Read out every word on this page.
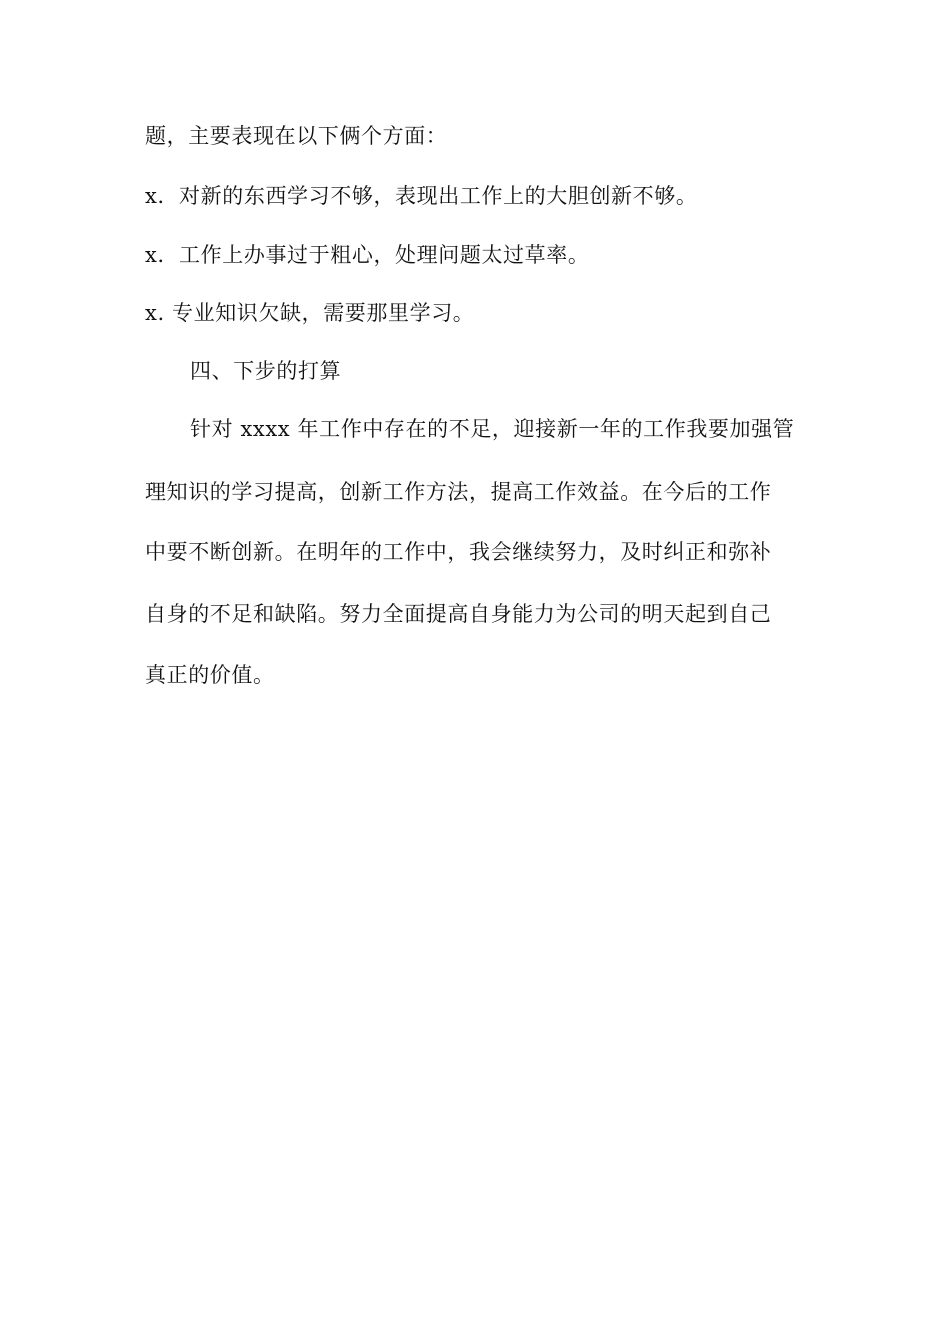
题，主要表现在以下俩个方面：
x．对新的东西学习不够，表现出工作上的大胆创新不够。
x．工作上办事过于粗心，处理问题太过草率。
x. 专业知识欠缺，需要那里学习。
四、下步的打算
针对 xxxx 年工作中存在的不足，迎接新一年的工作我要加强管
理知识的学习提高，创新工作方法，提高工作效益。在今后的工作
中要不断创新。在明年的工作中，我会继续努力，及时纠正和弥补
自身的不足和缺陷。努力全面提高自身能力为公司的明天起到自己
真正的价值。
